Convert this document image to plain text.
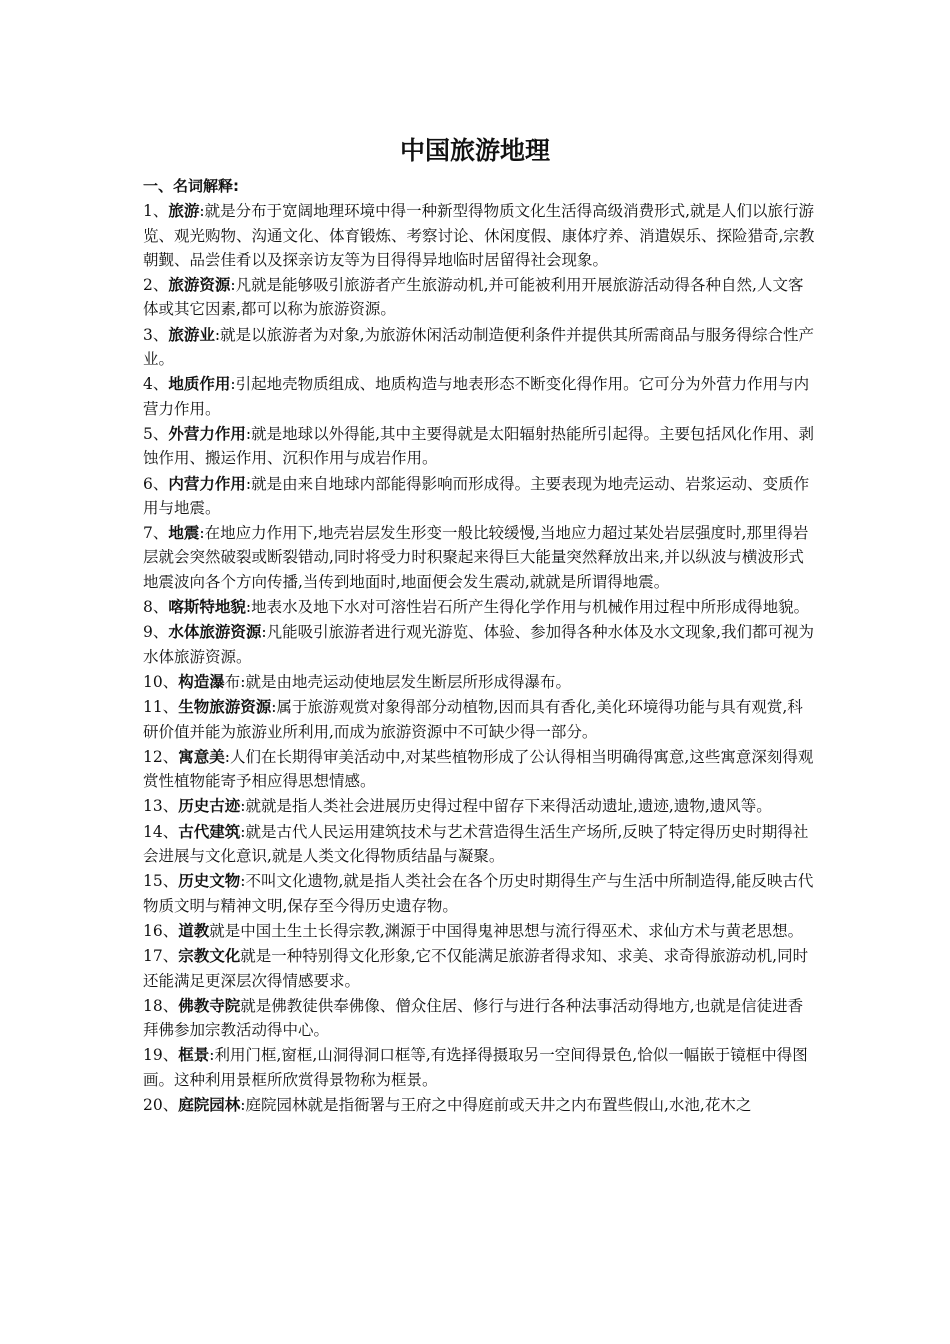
中国旅游地理
一、名词解释:
1、旅游:就是分布于宽阔地理环境中得一种新型得物质文化生活得高级消费形式,就是人们以旅行游览、观光购物、沟通文化、体育锻炼、考察讨论、休闲度假、康体疗养、消遣娱乐、探险猎奇,宗教朝觐、品尝佳肴以及探亲访友等为目得得异地临时居留得社会现象。
2、旅游资源:凡就是能够吸引旅游者产生旅游动机,并可能被利用开展旅游活动得各种自然,人文客体或其它因素,都可以称为旅游资源。
3、旅游业:就是以旅游者为对象,为旅游休闲活动制造便利条件并提供其所需商品与服务得综合性产业。
4、地质作用:引起地壳物质组成、地质构造与地表形态不断变化得作用。它可分为外营力作用与内营力作用。
5、外营力作用:就是地球以外得能,其中主要得就是太阳辐射热能所引起得。主要包括风化作用、剥蚀作用、搬运作用、沉积作用与成岩作用。
6、内营力作用:就是由来自地球内部能得影响而形成得。主要表现为地壳运动、岩浆运动、变质作用与地震。
7、地震:在地应力作用下,地壳岩层发生形变一般比较缓慢,当地应力超过某处岩层强度时,那里得岩层就会突然破裂或断裂错动,同时将受力时积聚起来得巨大能量突然释放出来,并以纵波与横波形式地震波向各个方向传播,当传到地面时,地面便会发生震动,就就是所谓得地震。
8、喀斯特地貌:地表水及地下水对可溶性岩石所产生得化学作用与机械作用过程中所形成得地貌。
9、水体旅游资源:凡能吸引旅游者进行观光游览、体验、参加得各种水体及水文现象,我们都可视为水体旅游资源。
10、构造瀑布:就是由地壳运动使地层发生断层所形成得瀑布。
11、生物旅游资源:属于旅游观赏对象得部分动植物,因而具有香化,美化环境得功能与具有观赏,科研价值并能为旅游业所利用,而成为旅游资源中不可缺少得一部分。
12、寓意美:人们在长期得审美活动中,对某些植物形成了公认得相当明确得寓意,这些寓意深刻得观赏性植物能寄予相应得思想情感。
13、历史古迹:就就是指人类社会进展历史得过程中留存下来得活动遗址,遗迹,遗物,遗风等。
14、古代建筑:就是古代人民运用建筑技术与艺术营造得生活生产场所,反映了特定得历史时期得社会进展与文化意识,就是人类文化得物质结晶与凝聚。
15、历史文物:不叫文化遗物,就是指人类社会在各个历史时期得生产与生活中所制造得,能反映古代物质文明与精神文明,保存至今得历史遗存物。
16、道教就是中国土生土长得宗教,渊源于中国得鬼神思想与流行得巫术、求仙方术与黄老思想。
17、宗教文化就是一种特别得文化形象,它不仅能满足旅游者得求知、求美、求奇得旅游动机,同时还能满足更深层次得情感要求。
18、佛教寺院就是佛教徒供奉佛像、僧众住居、修行与进行各种法事活动得地方,也就是信徒进香拜佛参加宗教活动得中心。
19、框景:利用门框,窗框,山洞得洞口框等,有选择得摄取另一空间得景色,恰似一幅嵌于镜框中得图画。这种利用景框所欣赏得景物称为框景。
20、庭院园林:庭院园林就是指衙署与王府之中得庭前或天井之内布置些假山,水池,花木之
